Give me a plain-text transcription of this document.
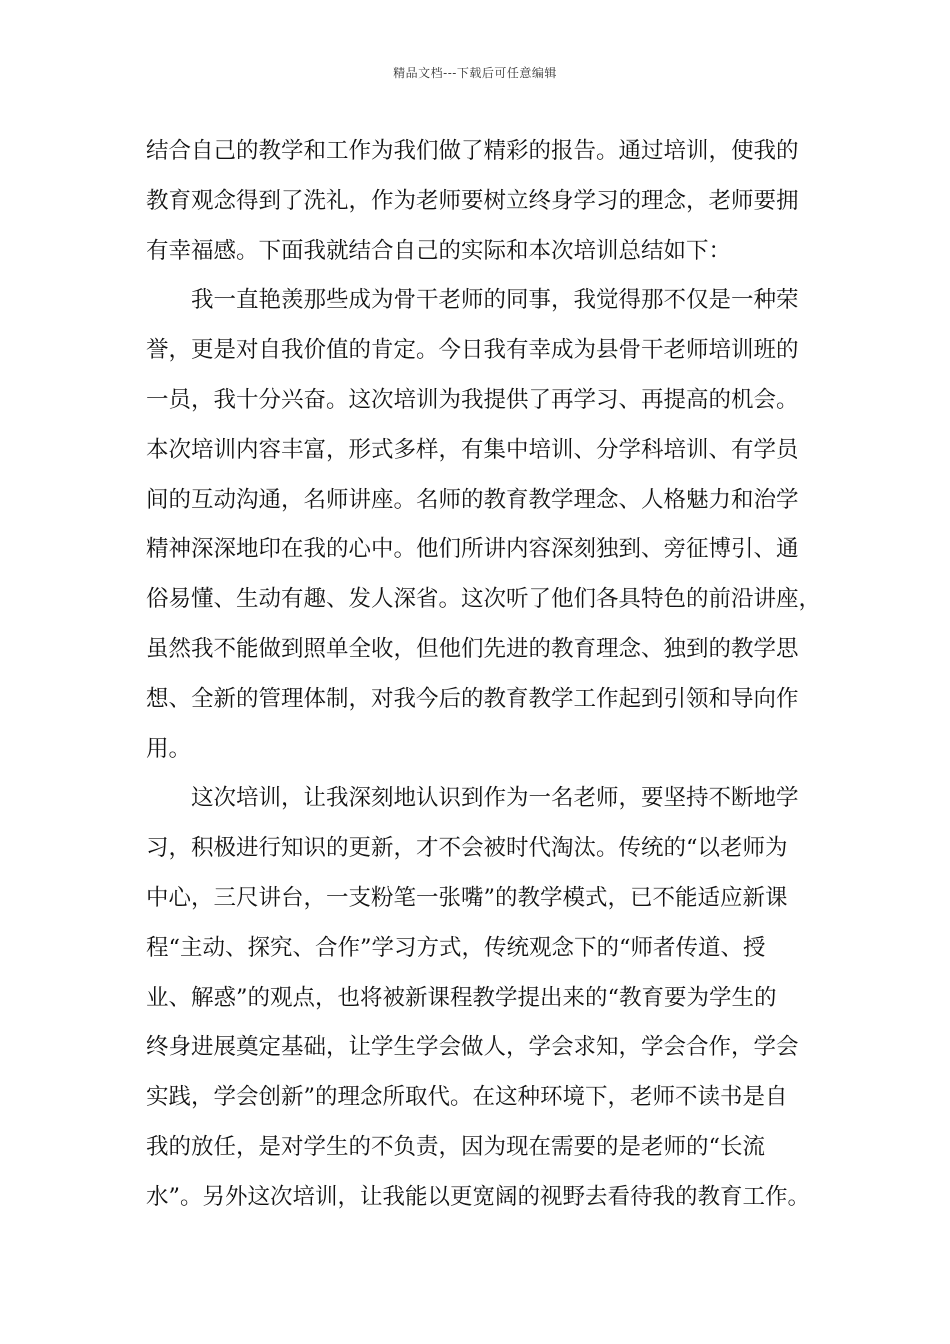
精品文档---下载后可任意编辑
结合自己的教学和工作为我们做了精彩的报告。通过培训，使我的
教育观念得到了洗礼，作为老师要树立终身学习的理念，老师要拥
有幸福感。下面我就结合自己的实际和本次培训总结如下：
我一直艳羡那些成为骨干老师的同事，我觉得那不仅是一种荣
誉，更是对自我价值的肯定。今日我有幸成为县骨干老师培训班的
一员，我十分兴奋。这次培训为我提供了再学习、再提高的机会。
本次培训内容丰富，形式多样，有集中培训、分学科培训、有学员
间的互动沟通，名师讲座。名师的教育教学理念、人格魅力和治学
精神深深地印在我的心中。他们所讲内容深刻独到、旁征博引、通
俗易懂、生动有趣、发人深省。这次听了他们各具特色的前沿讲座，
虽然我不能做到照单全收，但他们先进的教育理念、独到的教学思
想、全新的管理体制，对我今后的教育教学工作起到引领和导向作
用。
这次培训，让我深刻地认识到作为一名老师，要坚持不断地学
习，积极进行知识的更新，才不会被时代淘汰。传统的“以老师为
中心，三尺讲台，一支粉笔一张嘴”的教学模式，已不能适应新课
程“主动、探究、合作”学习方式，传统观念下的“师者传道、授
业、解惑”的观点，也将被新课程教学提出来的“教育要为学生的
终身进展奠定基础，让学生学会做人，学会求知，学会合作，学会
实践，学会创新”的理念所取代。在这种环境下，老师不读书是自
我的放任，是对学生的不负责，因为现在需要的是老师的“长流
水”。另外这次培训，让我能以更宽阔的视野去看待我的教育工作。
